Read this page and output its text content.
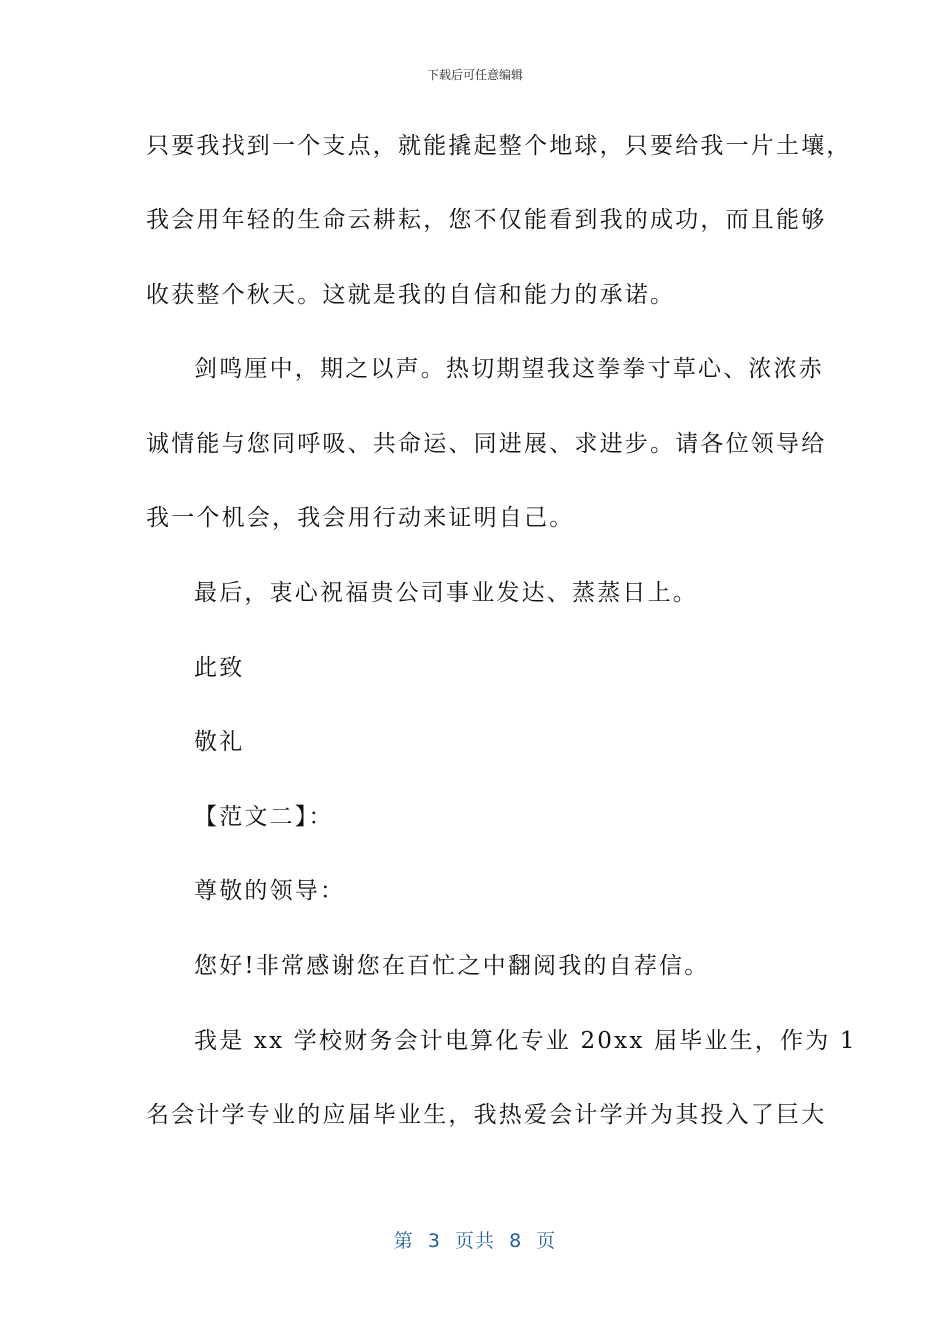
下载后可任意编辑
只要我找到一个支点，就能撬起整个地球，只要给我一片土壤，
我会用年轻的生命云耕耘，您不仅能看到我的成功，而且能够
收获整个秋天。这就是我的自信和能力的承诺。
剑鸣厘中，期之以声。热切期望我这拳拳寸草心、浓浓赤
诚情能与您同呼吸、共命运、同进展、求进步。请各位领导给
我一个机会，我会用行动来证明自己。
最后，衷心祝福贵公司事业发达、蒸蒸日上。
此致
敬礼
【范文二】：
尊敬的领导：
您好!非常感谢您在百忙之中翻阅我的自荐信。
我是 xx 学校财务会计电算化专业 20xx 届毕业生，作为 1
名会计学专业的应届毕业生，我热爱会计学并为其投入了巨大
第  3  页共  8  页
